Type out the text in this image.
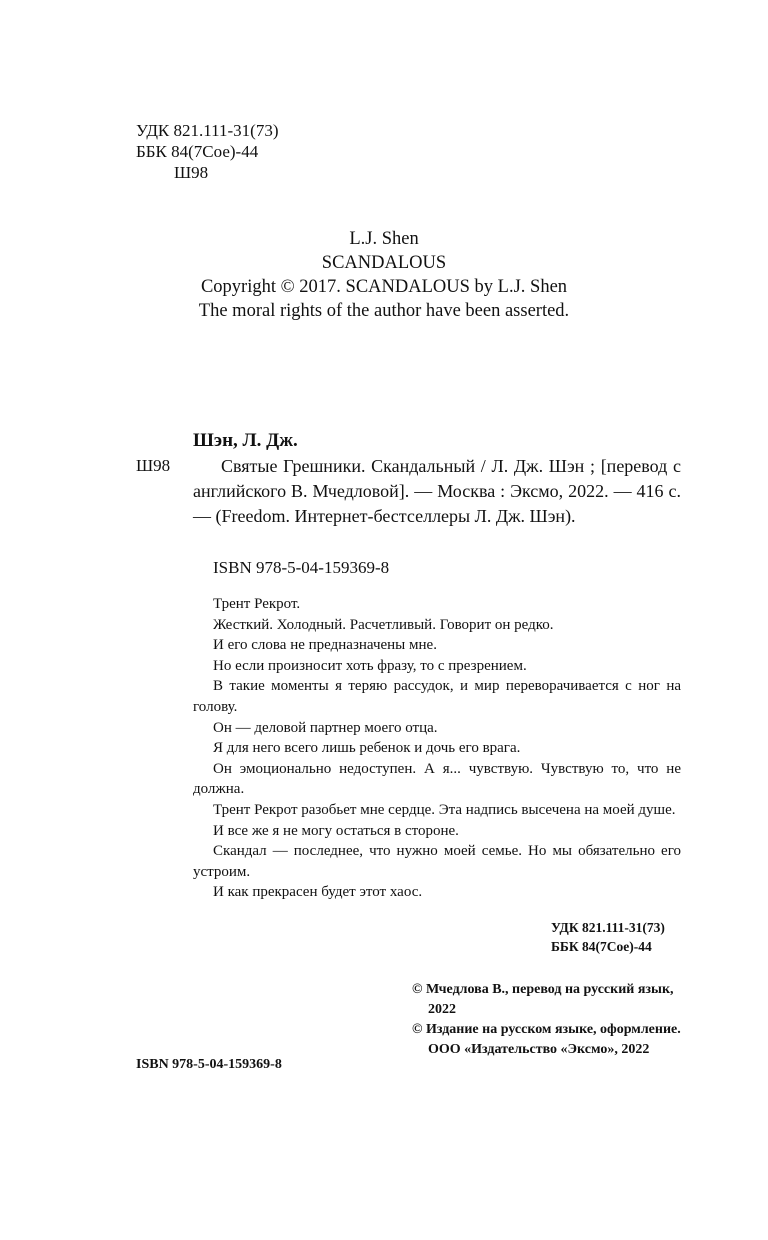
УДК 821.111-31(73)
ББК 84(7Сое)-44
Ш98
L.J. Shen
SCANDALOUS
Copyright © 2017. SCANDALOUS by L.J. Shen
The moral rights of the author have been asserted.
Шэн, Л. Дж.
Ш98	Святые Грешники. Скандальный / Л. Дж. Шэн ; [перевод с английского В. Мчедловой]. — Москва : Эксмо, 2022. — 416 с. — (Freedom. Интернет-бестселлеры Л. Дж. Шэн).

ISBN 978-5-04-159369-8

Трент Рекрот.

Жесткий. Холодный. Расчетливый. Говорит он редко.

И его слова не предназначены мне.

Но если произносит хоть фразу, то с презрением.

В такие моменты я теряю рассудок, и мир переворачивается с ног на голову.

Он — деловой партнер моего отца.

Я для него всего лишь ребенок и дочь его врага.

Он эмоционально недоступен. А я... чувствую. Чувствую то, что не должна.

Трент Рекрот разобьет мне сердце. Эта надпись высечена на моей душе.

И все же я не могу остаться в стороне.

Скандал — последнее, что нужно моей семье. Но мы обязательно его устроим.

И как прекрасен будет этот хаос.

УДК 821.111-31(73)
ББК 84(7Сое)-44

© Мчедлова В., перевод на русский язык, 2022

© Издание на русском языке, оформление. ООО «Издательство «Эксмо», 2022

ISBN 978-5-04-159369-8
